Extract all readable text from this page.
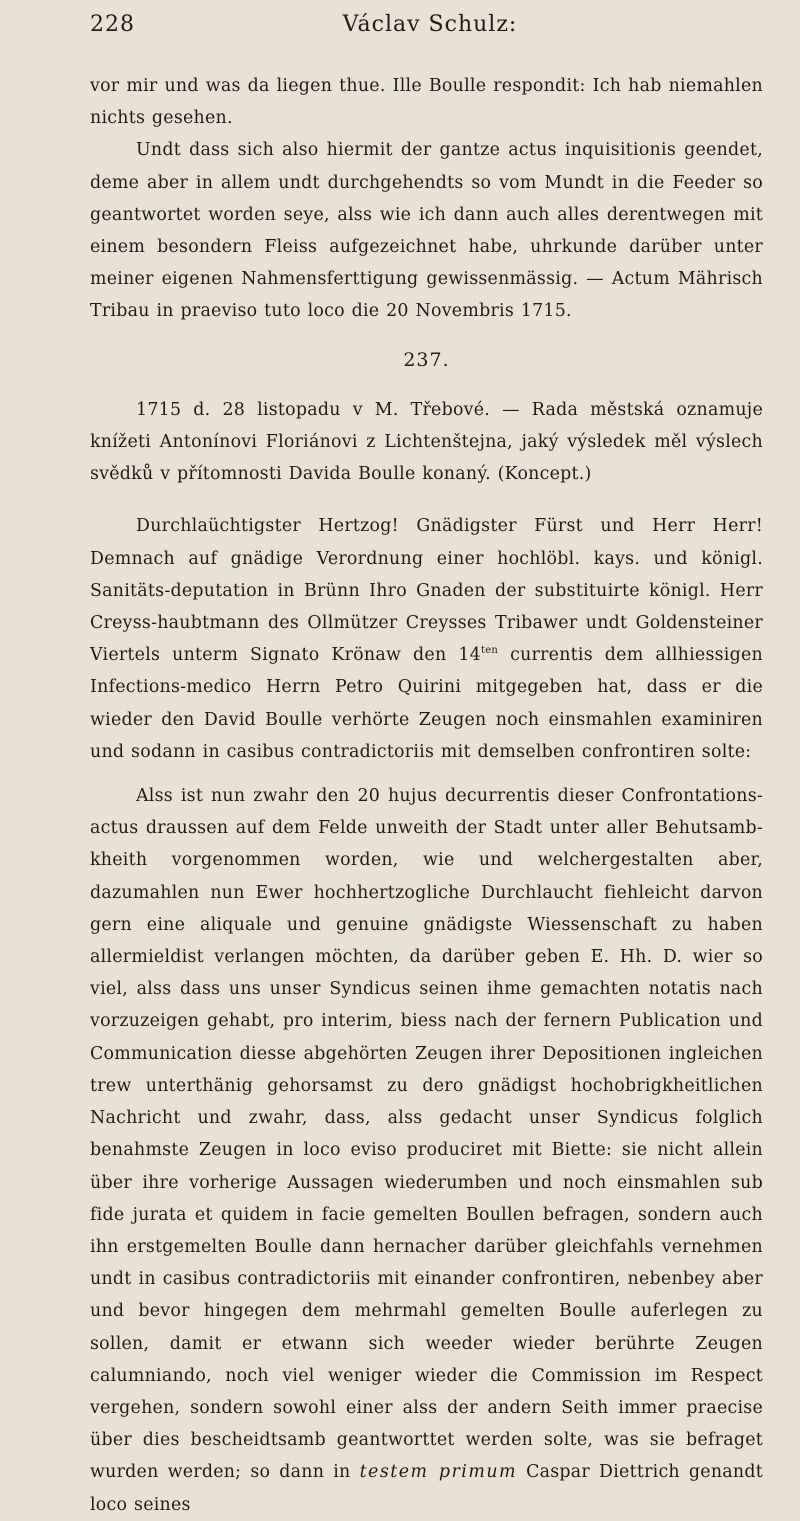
228	Václav Schulz:

vor mir und was da liegen thue. Ille Boulle respondit: Ich hab niemahlen nichts gesehen.

Undt dass sich also hiermit der gantze actus inquisitionis geendet, deme aber in allem undt durchgehendts so vom Mundt in die Feeder so geantwortet worden seye, alss wie ich dann auch alles derentwegen mit einem besondern Fleiss aufgezeichnet habe, uhrkunde darüber unter meiner eigenen Nahmensferttigung gewissenmässig. — Actum Mährisch Tribau in praeviso tuto loco die 20 Novembris 1715.

237.

1715 d. 28 listopadu v M. Třebové. — Rada městská oznamuje knížeti Antonínovi Floriánovi z Lichtenštejna, jaký výsledek měl výslech svědků v přítomnosti Davida Boulle konaný. (Koncept.)

Durchlaüchtigster Hertzog! Gnädigster Fürst und Herr Herr! Demnach auf gnädige Verordnung einer hochlöbl. kays. und königl. Sanitäts-deputation in Brünn Ihro Gnaden der substituirte königl. Herr Creyss-haubtmann des Ollmützer Creysses Tribawer undt Goldensteiner Viertels unterm Signato Krönaw den $14^{ten}$ currentis dem allhiessigen Infections-medico Herrn Petro Quirini mitgegeben hat, dass er die wieder den David Boulle verhörte Zeugen noch einsmahlen examiniren und sodann in casibus contradictoriis mit demselben confrontiren solte:

Alss ist nun zwahr den 20 hujus decurrentis dieser Confrontations-actus draussen auf dem Felde unweith der Stadt unter aller Behutsamb-kheith vorgenommen worden, wie und welchergestalten aber, dazumahlen nun Ewer hochhertzogliche Durchlaucht fiehleicht darvon gern eine aliquale und genuine gnädigste Wiessenschaft zu haben allermieldist verlangen möchten, da darüber geben E. Hh. D. wier so viel, alss dass uns unser Syndicus seinen ihme gemachten notatis nach vorzuzeigen gehabt, pro interim, biess nach der fernern Publication und Communication diesse abgehörten Zeugen ihrer Depositionen ingleichen trew unterthänig gehorsamst zu dero gnädigst hochobrigkheitlichen Nachricht und zwahr, dass, alss gedacht unser Syndicus folglich benahmste Zeugen in loco eviso produciret mit Biette: sie nicht allein über ihre vorherige Aussagen wiederumben und noch einsmahlen sub fide jurata et quidem in facie gemelten Boullen befragen, sondern auch ihn erstgemelten Boulle dann hernacher darüber gleichfahls vernehmen undt in casibus contradictoriis mit einander confrontiren, nebenbey aber und bevor hingegen dem mehrmahl gemelten Boulle auferlegen zu sollen, damit er etwann sich weeder wieder berührte Zeugen calumniando, noch viel weniger wieder die Commission im Respect vergehen, sondern sowohl einer alss der andern Seith immer praecise über dies bescheidtsamb geantworttet werden solte, was sie befraget wurden werden; so dann in testem primum Caspar Diettrich genandt loco seines
